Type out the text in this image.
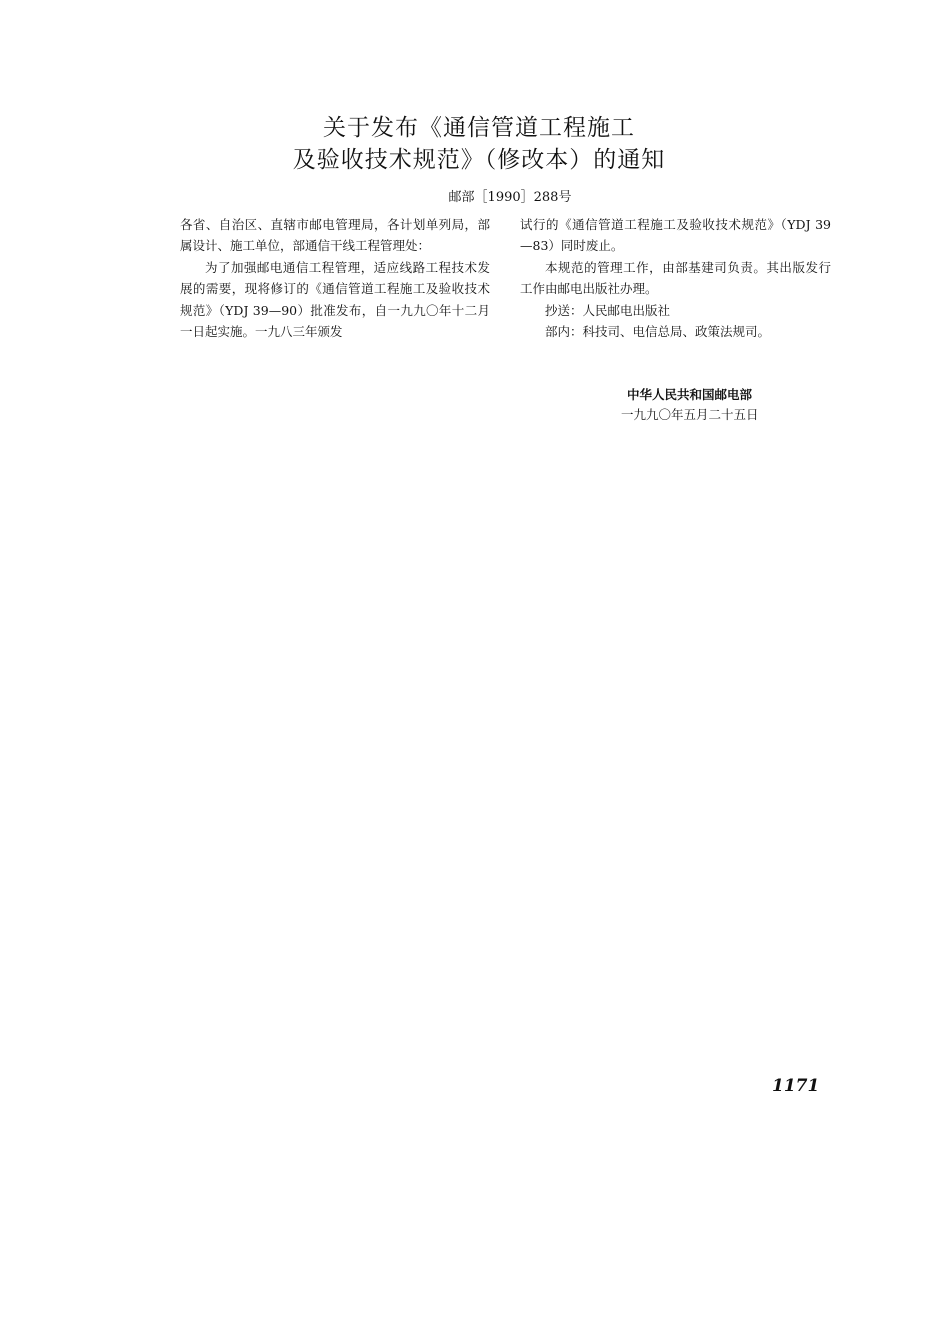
关于发布《通信管道工程施工
及验收技术规范》（修改本）的通知
邮部［1990］288号

各省、自治区、直辖市邮电管理局，各计划单列局，部属设计、施工单位，部通信干线工程管理处：

为了加强邮电通信工程管理，适应线路工程技术发展的需要，现将修订的《通信管道工程施工及验收技术规范》（YDJ 39—90）批准发布，自一九九〇年十二月一日起实施。一九八三年颁发

试行的《通信管道工程施工及验收技术规范》（YDJ 39—83）同时废止。

本规范的管理工作，由部基建司负责。其出版发行工作由邮电出版社办理。

抄送：人民邮电出版社

部内：科技司、电信总局、政策法规司。

中华人民共和国邮电部

一九九〇年五月二十五日

1171
